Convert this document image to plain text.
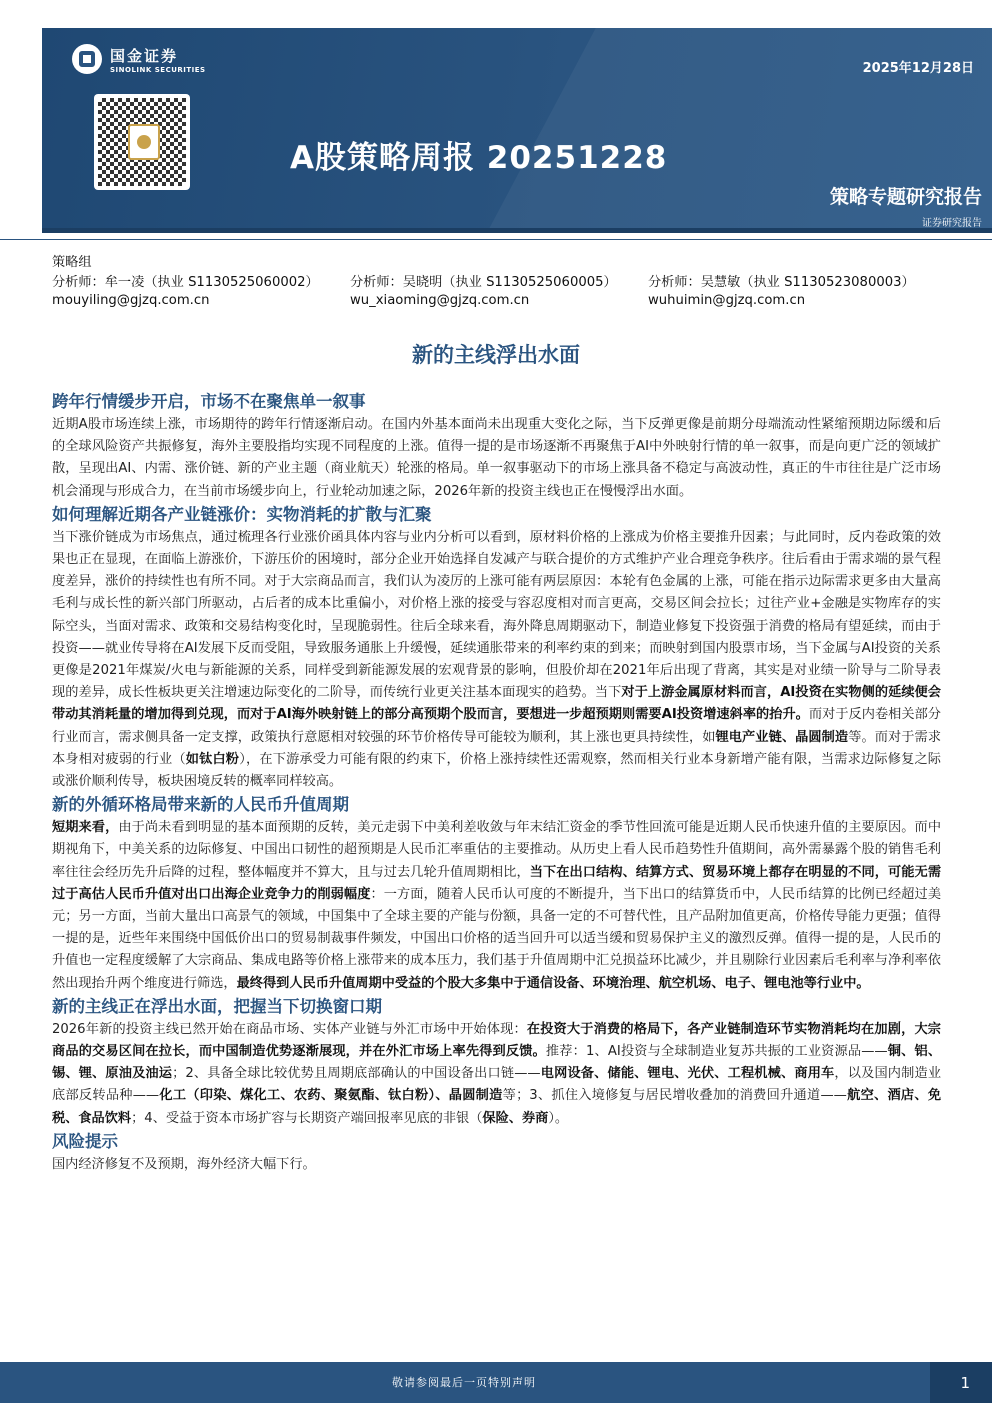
国金证券
SINOLINK SECURITIES	2025年12月28日
A股策略周报 20251228
策略专题研究报告
证券研究报告
策略组
分析师：牟一凌（执业 S1130525060002） 分析师：吴晓明（执业 S1130525060005） 分析师：吴慧敏（执业 S1130523080003）
mouyiling@gjzq.com.cn	wu_xiaoming@gjzq.com.cn	wuhuimin@gjzq.com.cn
新的主线浮出水面
跨年行情缓步开启，市场不在聚焦单一叙事

近期A股市场连续上涨，市场期待的跨年行情逐渐启动。在国内外基本面尚未出现重大变化之际，当下反弹更像是前期分母端流动性紧缩预期边际缓和后的全球风险资产共振修复，海外主要股指均实现不同程度的上涨。值得一提的是市场逐渐不再聚焦于AI中外映射行情的单一叙事，而是向更广泛的领域扩散，呈现出AI、内需、涨价链、新的产业主题（商业航天）轮涨的格局。单一叙事驱动下的市场上涨具备不稳定与高波动性，真正的牛市往往是广泛市场机会涌现与形成合力，在当前市场缓步向上，行业轮动加速之际，2026年新的投资主线也正在慢慢浮出水面。

如何理解近期各产业链涨价：实物消耗的扩散与汇聚

当下涨价链成为市场焦点，通过梳理各行业涨价函具体内容与业内分析可以看到，原材料价格的上涨成为价格主要推升因素；与此同时，反内卷政策的效果也正在显现，在面临上游涨价，下游压价的困境时，部分企业开始选择自发减产与联合提价的方式维护产业合理竞争秩序。往后看由于需求端的景气程度差异，涨价的持续性也有所不同。对于大宗商品而言，我们认为凌厉的上涨可能有两层原因：本轮有色金属的上涨，可能在指示边际需求更多由大量高毛利与成长性的新兴部门所驱动，占后者的成本比重偏小，对价格上涨的接受与容忍度相对而言更高，交易区间会拉长；过往产业+金融是实物库存的实际空头，当面对需求、政策和交易结构变化时，呈现脆弱性。往后全球来看，海外降息周期驱动下，制造业修复下投资强于消费的格局有望延续，而由于投资——就业传导将在AI发展下反而受阻，导致服务通胀上升缓慢，延续通胀带来的利率约束的到来；而映射到国内股票市场，当下金属与AI投资的关系更像是2021年煤炭/火电与新能源的关系，同样受到新能源发展的宏观背景的影响，但股价却在2021年后出现了背离，其实是对业绩一阶导与二阶导表现的差异，成长性板块更关注增速边际变化的二阶导，而传统行业更关注基本面现实的趋势。当下对于上游金属原材料而言，AI投资在实物侧的延续便会带动其消耗量的增加得到兑现，而对于AI海外映射链上的部分高预期个股而言，要想进一步超预期则需要AI投资增速斜率的抬升。而对于反内卷相关部分行业而言，需求侧具备一定支撑，政策执行意愿相对较强的环节价格传导可能较为顺利，其上涨也更具持续性，如锂电产业链、晶圆制造等。而对于需求本身相对疲弱的行业（如钛白粉），在下游承受力可能有限的约束下，价格上涨持续性还需观察，然而相关行业本身新增产能有限，当需求边际修复之际或涨价顺利传导，板块困境反转的概率同样较高。

新的外循环格局带来新的人民币升值周期

短期来看，由于尚未看到明显的基本面预期的反转，美元走弱下中美利差收敛与年末结汇资金的季节性回流可能是近期人民币快速升值的主要原因。而中期视角下，中美关系的边际修复、中国出口韧性的超预期是人民币汇率重估的主要推动。从历史上看人民币趋势性升值期间，高外需暴露个股的销售毛利率往往会经历先升后降的过程，整体幅度并不算大，且与过去几轮升值周期相比，当下在出口结构、结算方式、贸易环境上都存在明显的不同，可能无需过于高估人民币升值对出口出海企业竞争力的削弱幅度：一方面，随着人民币认可度的不断提升，当下出口的结算货币中，人民币结算的比例已经超过美元；另一方面，当前大量出口高景气的领域，中国集中了全球主要的产能与份额，具备一定的不可替代性，且产品附加值更高，价格传导能力更强；值得一提的是，近些年来围绕中国低价出口的贸易制裁事件频发，中国出口价格的适当回升可以适当缓和贸易保护主义的激烈反弹。值得一提的是，人民币的升值也一定程度缓解了大宗商品、集成电路等价格上涨带来的成本压力，我们基于升值周期中汇兑损益环比减少，并且剔除行业因素后毛利率与净利率依然出现抬升两个维度进行筛选，最终得到人民币升值周期中受益的个股大多集中于通信设备、环境治理、航空机场、电子、锂电池等行业中。

新的主线正在浮出水面，把握当下切换窗口期

2026年新的投资主线已然开始在商品市场、实体产业链与外汇市场中开始体现：在投资大于消费的格局下，各产业链制造环节实物消耗均在加剧，大宗商品的交易区间在拉长，而中国制造优势逐渐展现，并在外汇市场上率先得到反馈。推荐：1、AI投资与全球制造业复苏共振的工业资源品——铜、铝、锡、锂、原油及油运；2、具备全球比较优势且周期底部确认的中国设备出口链——电网设备、储能、锂电、光伏、工程机械、商用车，以及国内制造业底部反转品种——化工（印染、煤化工、农药、聚氨酯、钛白粉）、晶圆制造等；3、抓住入境修复与居民增收叠加的消费回升通道——航空、酒店、免税、食品饮料；4、受益于资本市场扩容与长期资产端回报率见底的非银（保险、券商）。

风险提示

国内经济修复不及预期，海外经济大幅下行。

敬请参阅最后一页特别声明	1
